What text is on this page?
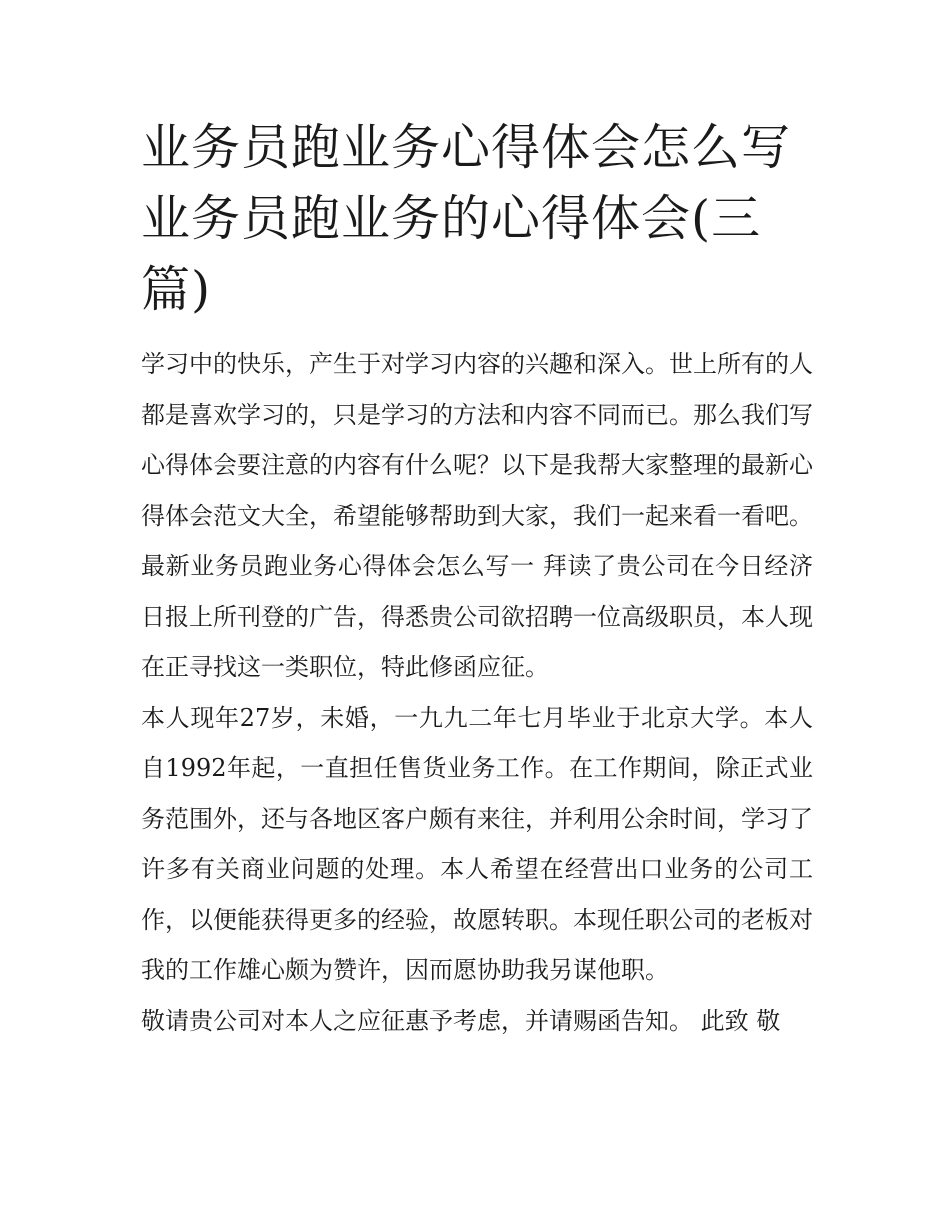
业务员跑业务心得体会怎么写 业务员跑业务的心得体会(三篇)

学习中的快乐，产生于对学习内容的兴趣和深入。世上所有的人都是喜欢学习的，只是学习的方法和内容不同而已。那么我们写心得体会要注意的内容有什么呢？以下是我帮大家整理的最新心得体会范文大全，希望能够帮助到大家，我们一起来看一看吧。

最新业务员跑业务心得体会怎么写一 拜读了贵公司在今日经济日报上所刊登的广告，得悉贵公司欲招聘一位高级职员，本人现在正寻找这一类职位，特此修函应征。

本人现年27岁，未婚，一九九二年七月毕业于北京大学。本人自1992年起，一直担任售货业务工作。在工作期间，除正式业务范围外，还与各地区客户颇有来往，并利用公余时间，学习了许多有关商业问题的处理。本人希望在经营出口业务的公司工作，以便能获得更多的经验，故愿转职。本现任职公司的老板对我的工作雄心颇为赞许，因而愿协助我另谋他职。

敬请贵公司对本人之应征惠予考虑，并请赐函告知。 此致 敬
